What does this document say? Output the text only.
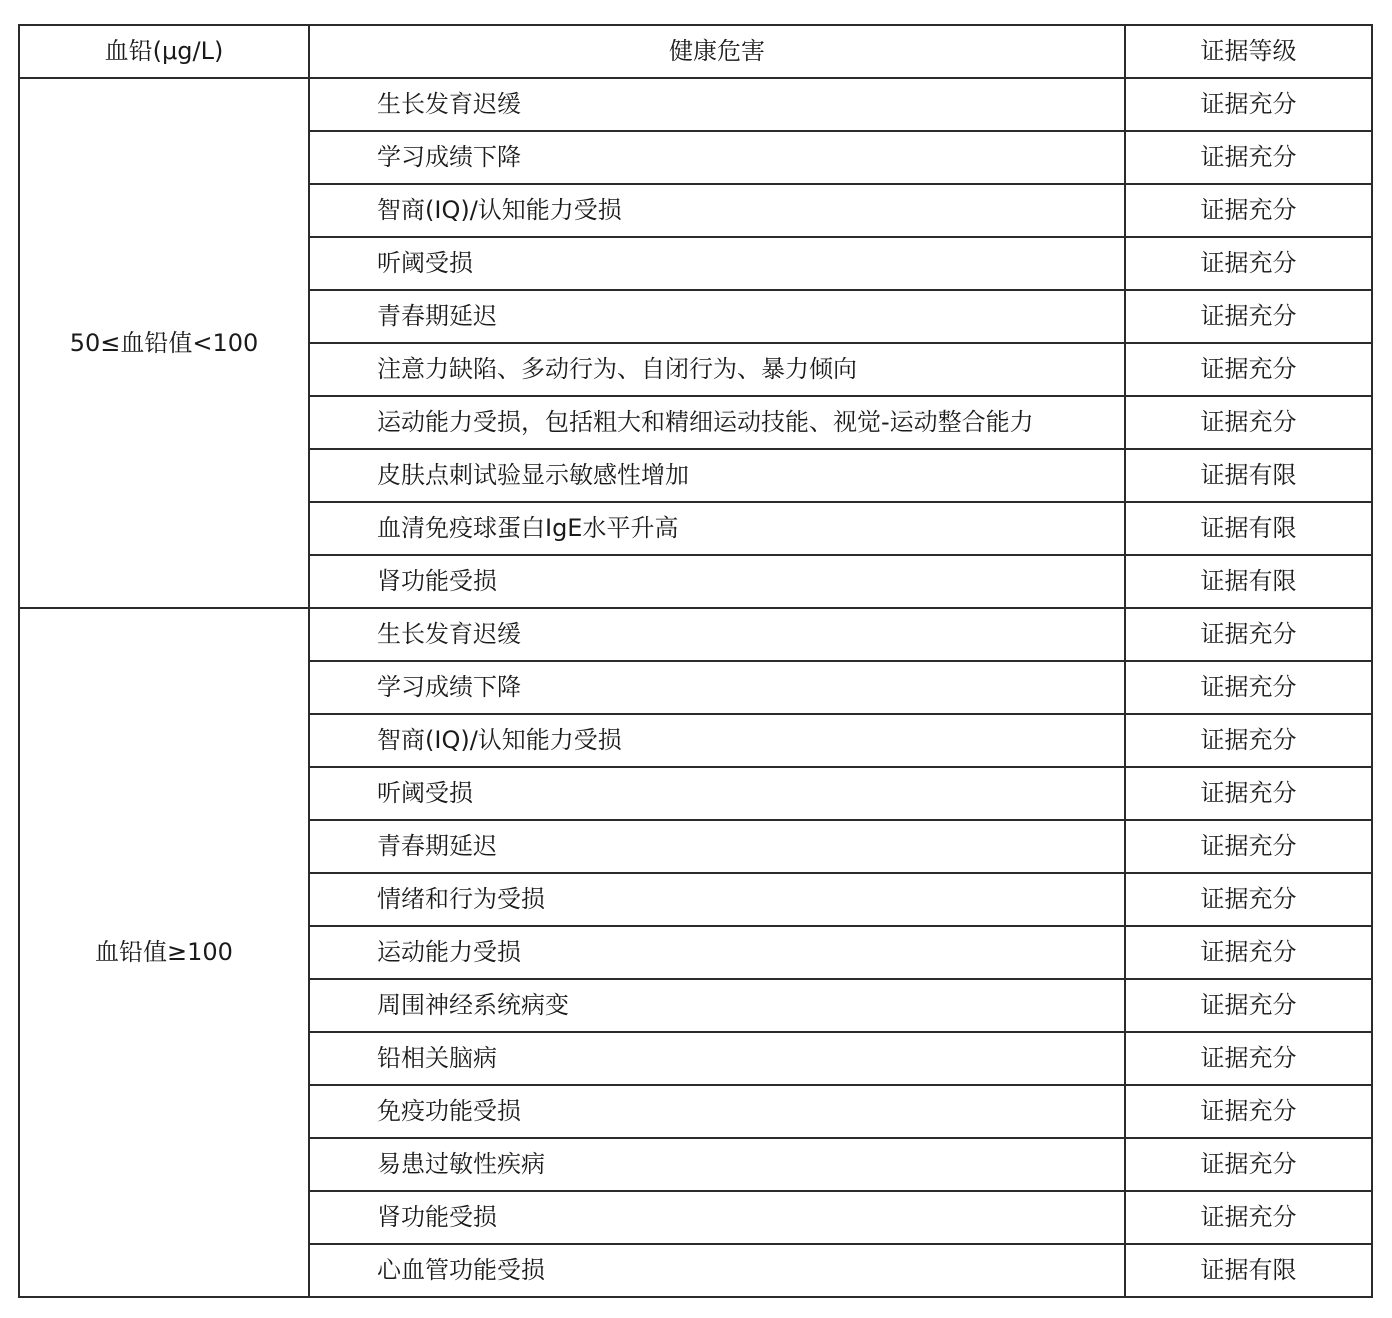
血铅(μg/L)	健康危害	证据等级
50≤血铅值<100	生长发育迟缓	证据充分
	学习成绩下降	证据充分
	智商(IQ)/认知能力受损	证据充分
	听阈受损	证据充分
	青春期延迟	证据充分
	注意力缺陷、多动行为、自闭行为、暴力倾向	证据充分
	运动能力受损，包括粗大和精细运动技能、视觉-运动整合能力	证据充分
	皮肤点刺试验显示敏感性增加	证据有限
	血清免疫球蛋白IgE水平升高	证据有限
	肾功能受损	证据有限
血铅值≥100	生长发育迟缓	证据充分
	学习成绩下降	证据充分
	智商(IQ)/认知能力受损	证据充分
	听阈受损	证据充分
	青春期延迟	证据充分
	情绪和行为受损	证据充分
	运动能力受损	证据充分
	周围神经系统病变	证据充分
	铅相关脑病	证据充分
	免疫功能受损	证据充分
	易患过敏性疾病	证据充分
	肾功能受损	证据充分
	心血管功能受损	证据有限
